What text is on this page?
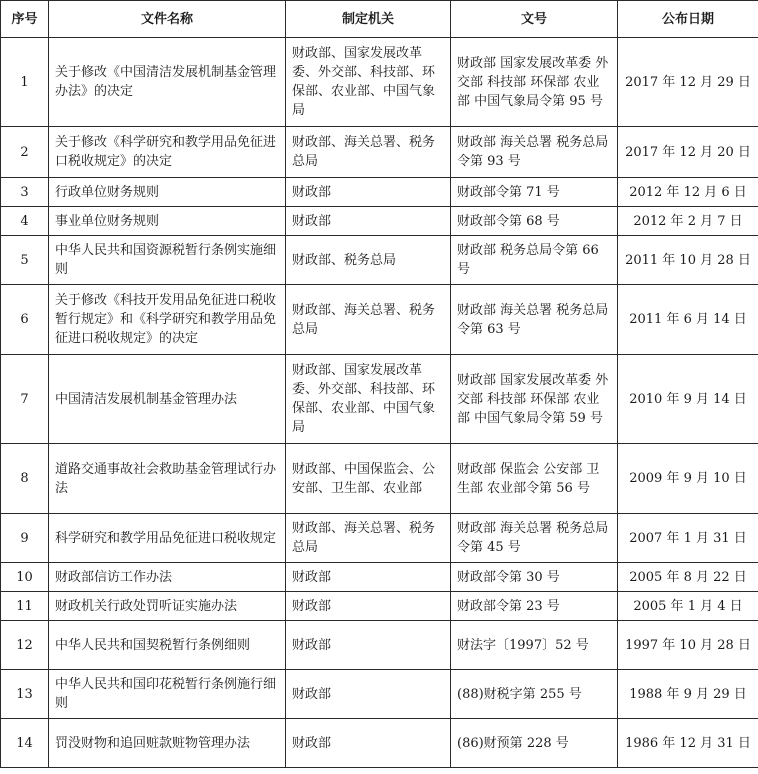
序号	文件名称	制定机关	文号	公布日期
1	关于修改《中国清洁发展机制基金管理办法》的决定	财政部、国家发展改革委、外交部、科技部、环保部、农业部、中国气象局	财政部 国家发展改革委 外交部 科技部 环保部 农业部 中国气象局令第 95 号	2017 年 12 月 29 日
2	关于修改《科学研究和教学用品免征进口税收规定》的决定	财政部、海关总署、税务总局	财政部 海关总署 税务总局令第 93 号	2017 年 12 月 20 日
3	行政单位财务规则	财政部	财政部令第 71 号	2012 年 12 月 6 日
4	事业单位财务规则	财政部	财政部令第 68 号	2012 年 2 月 7 日
5	中华人民共和国资源税暂行条例实施细则	财政部、税务总局	财政部 税务总局令第 66 号	2011 年 10 月 28 日
6	关于修改《科技开发用品免征进口税收暂行规定》和《科学研究和教学用品免征进口税收规定》的决定	财政部、海关总署、税务总局	财政部 海关总署 税务总局令第 63 号	2011 年 6 月 14 日
7	中国清洁发展机制基金管理办法	财政部、国家发展改革委、外交部、科技部、环保部、农业部、中国气象局	财政部 国家发展改革委 外交部 科技部 环保部 农业部 中国气象局令第 59 号	2010 年 9 月 14 日
8	道路交通事故社会救助基金管理试行办法	财政部、中国保监会、公安部、卫生部、农业部	财政部 保监会 公安部 卫生部 农业部令第 56 号	2009 年 9 月 10 日
9	科学研究和教学用品免征进口税收规定	财政部、海关总署、税务总局	财政部 海关总署 税务总局令第 45 号	2007 年 1 月 31 日
10	财政部信访工作办法	财政部	财政部令第 30 号	2005 年 8 月 22 日
11	财政机关行政处罚听证实施办法	财政部	财政部令第 23 号	2005 年 1 月 4 日
12	中华人民共和国契税暂行条例细则	财政部	财法字〔1997〕52 号	1997 年 10 月 28 日
13	中华人民共和国印花税暂行条例施行细则	财政部	(88)财税字第 255 号	1988 年 9 月 29 日
14	罚没财物和追回赃款赃物管理办法	财政部	(86)财预第 228 号	1986 年 12 月 31 日
